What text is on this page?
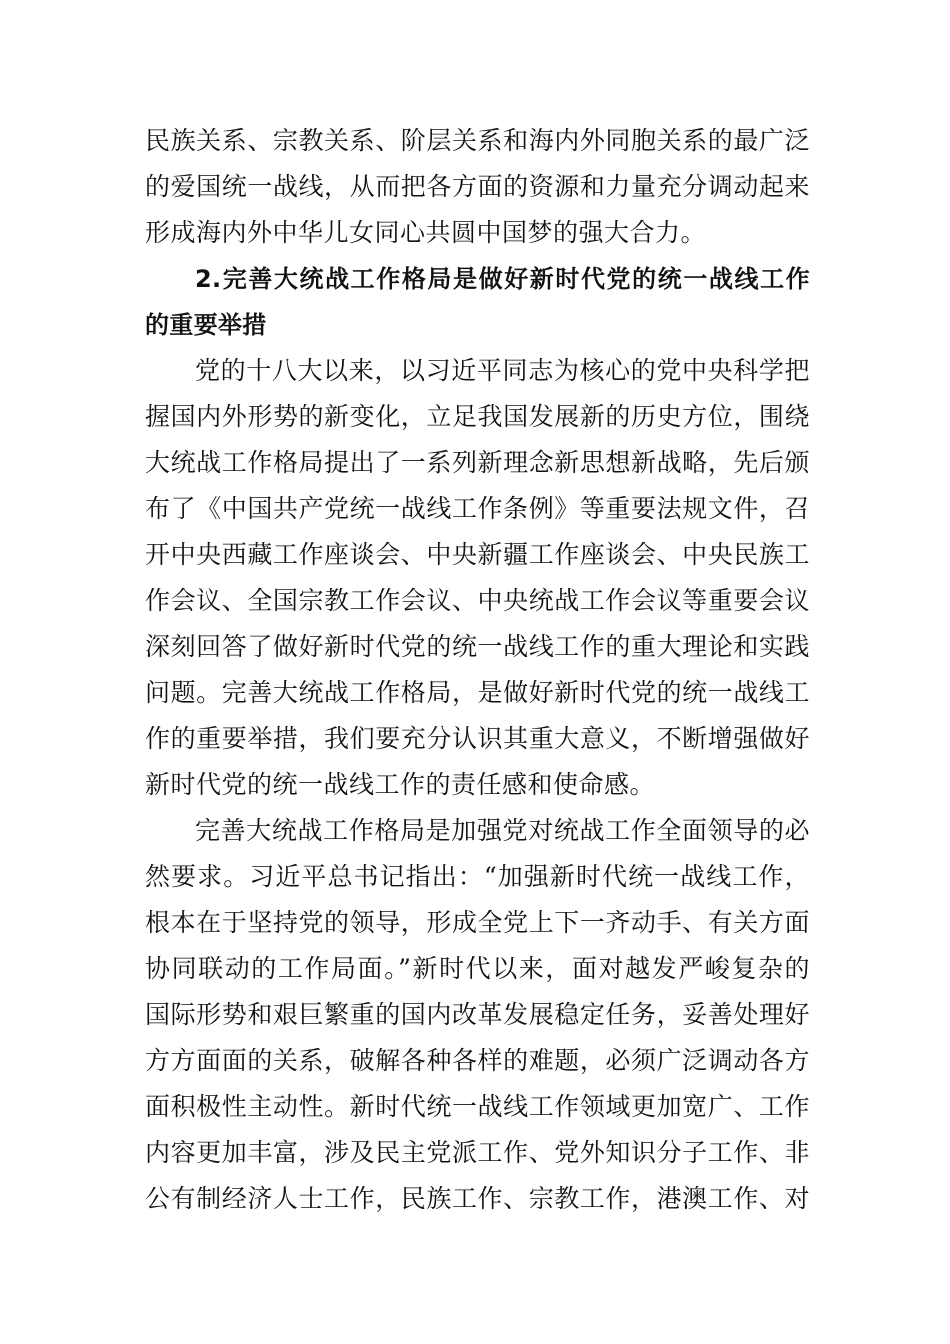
民族关系、宗教关系、阶层关系和海内外同胞关系的最广泛
的爱国统一战线，从而把各方面的资源和力量充分调动起来
形成海内外中华儿女同心共圆中国梦的强大合力。
2.完善大统战工作格局是做好新时代党的统一战线工作
的重要举措
党的十八大以来，以习近平同志为核心的党中央科学把
握国内外形势的新变化，立足我国发展新的历史方位，围绕
大统战工作格局提出了一系列新理念新思想新战略，先后颁
布了《中国共产党统一战线工作条例》等重要法规文件，召
开中央西藏工作座谈会、中央新疆工作座谈会、中央民族工
作会议、全国宗教工作会议、中央统战工作会议等重要会议
深刻回答了做好新时代党的统一战线工作的重大理论和实践
问题。完善大统战工作格局，是做好新时代党的统一战线工
作的重要举措，我们要充分认识其重大意义，不断增强做好
新时代党的统一战线工作的责任感和使命感。
完善大统战工作格局是加强党对统战工作全面领导的必
然要求。习近平总书记指出：“加强新时代统一战线工作，
根本在于坚持党的领导，形成全党上下一齐动手、有关方面
协同联动的工作局面。”新时代以来，面对越发严峻复杂的
国际形势和艰巨繁重的国内改革发展稳定任务，妥善处理好
方方面面的关系，破解各种各样的难题，必须广泛调动各方
面积极性主动性。新时代统一战线工作领域更加宽广、工作
内容更加丰富，涉及民主党派工作、党外知识分子工作、非
公有制经济人士工作，民族工作、宗教工作，港澳工作、对
